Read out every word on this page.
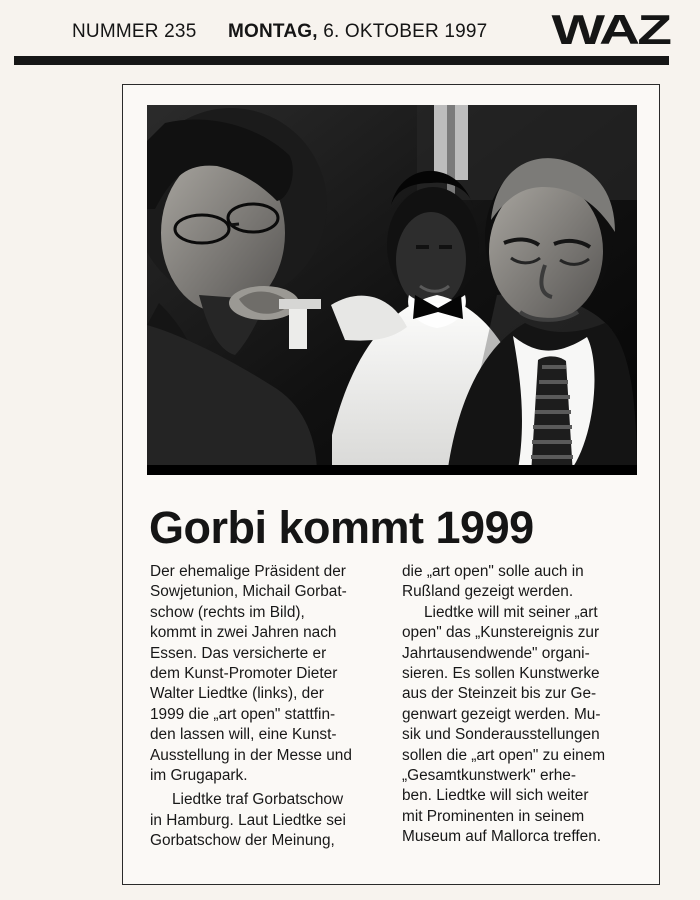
NUMMER 235 MONTAG, 6. OKTOBER 1997 WAZ
Gorbi kommt 1999
Der ehemalige Präsident der
Sowjetunion, Michail Gorbat-
schow (rechts im Bild),
kommt in zwei Jahren nach
Essen. Das versicherte er
dem Kunst-Promoter Dieter
Walter Liedtke (links), der
1999 die „art open" stattfin-
den lassen will, eine Kunst-
Ausstellung in der Messe und
im Grugapark.
Liedtke traf Gorbatschow
in Hamburg. Laut Liedtke sei
Gorbatschow der Meinung,
die „art open" solle auch in
Rußland gezeigt werden.
Liedtke will mit seiner „art
open" das „Kunstereignis zur
Jahrtausendwende" organi-
sieren. Es sollen Kunstwerke
aus der Steinzeit bis zur Ge-
genwart gezeigt werden. Mu-
sik und Sonderausstellungen
sollen die „art open" zu einem
„Gesamtkunstwerk" erhe-
ben. Liedtke will sich weiter
mit Prominenten in seinem
Museum auf Mallorca treffen.
